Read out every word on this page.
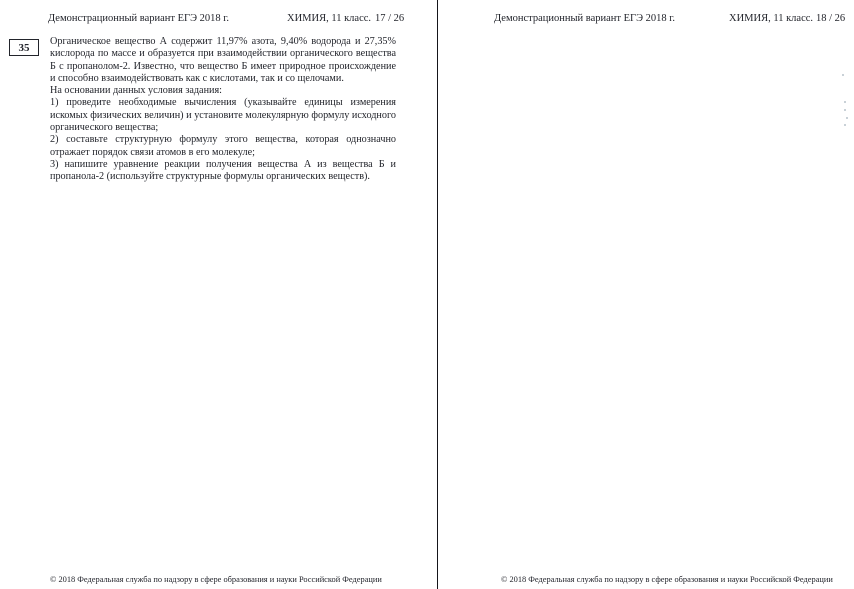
Демонстрационный вариант ЕГЭ 2018 г.	ХИМИЯ, 11 класс. 17 / 26
35 Органическое вещество А содержит 11,97% азота, 9,40% водорода и 27,35% кислорода по массе и образуется при взаимодействии органического вещества Б с пропанолом-2. Известно, что вещество Б имеет природное происхождение и способно взаимодействовать как с кислотами, так и со щелочами.

На основании данных условия задания:

1) проведите необходимые вычисления (указывайте единицы измерения искомых физических величин) и установите молекулярную формулу исходного органического вещества;

2) составьте структурную формулу этого вещества, которая однозначно отражает порядок связи атомов в его молекуле;

3) напишите уравнение реакции получения вещества А из вещества Б и пропанола-2 (используйте структурные формулы органических веществ).

© 2018 Федеральная служба по надзору в сфере образования и науки Российской Федерации
Демонстрационный вариант ЕГЭ 2018 г.	ХИМИЯ, 11 класс. 18 / 26
© 2018 Федеральная служба по надзору в сфере образования и науки Российской Федерации
